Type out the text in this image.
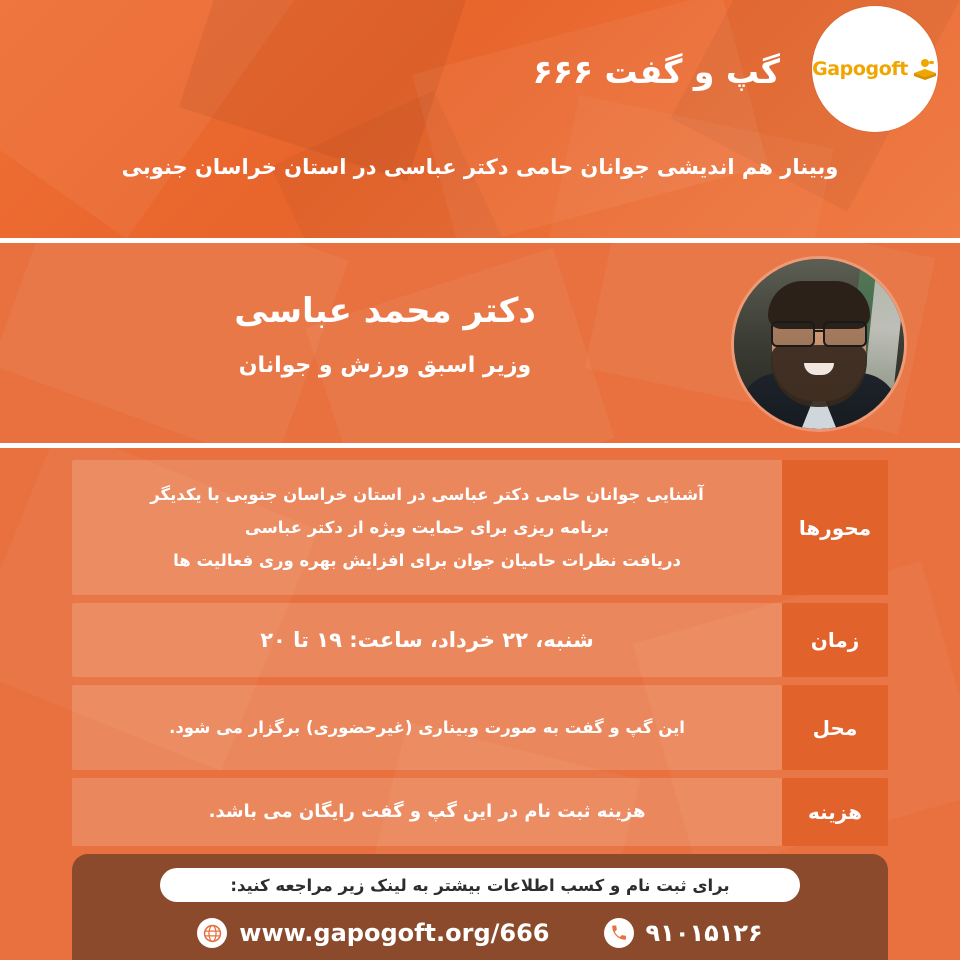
Gapogoft
گپ و گفت ۶۶۶
وبینار هم اندیشی جوانان حامی دکتر عباسی در استان خراسان جنوبی
دکتر محمد عباسی
وزیر اسبق ورزش و جوانان
محورها
آشنایی جوانان حامی دکتر عباسی در استان خراسان جنوبی با یکدیگر
برنامه ریزی برای حمایت ویژه از دکتر عباسی
دریافت نظرات حامیان جوان برای افزایش بهره وری فعالیت ها
زمان
شنبه، ۲۲ خرداد، ساعت: ۱۹ تا ۲۰
محل
این گپ و گفت به صورت وبیناری (غیرحضوری) برگزار می شود.
هزینه
هزینه ثبت نام در این گپ و گفت رایگان می باشد.
برای ثبت نام و کسب اطلاعات بیشتر به لینک زیر مراجعه کنید:
۹۱۰۱۵۱۲۶
www.gapogoft.org/666
